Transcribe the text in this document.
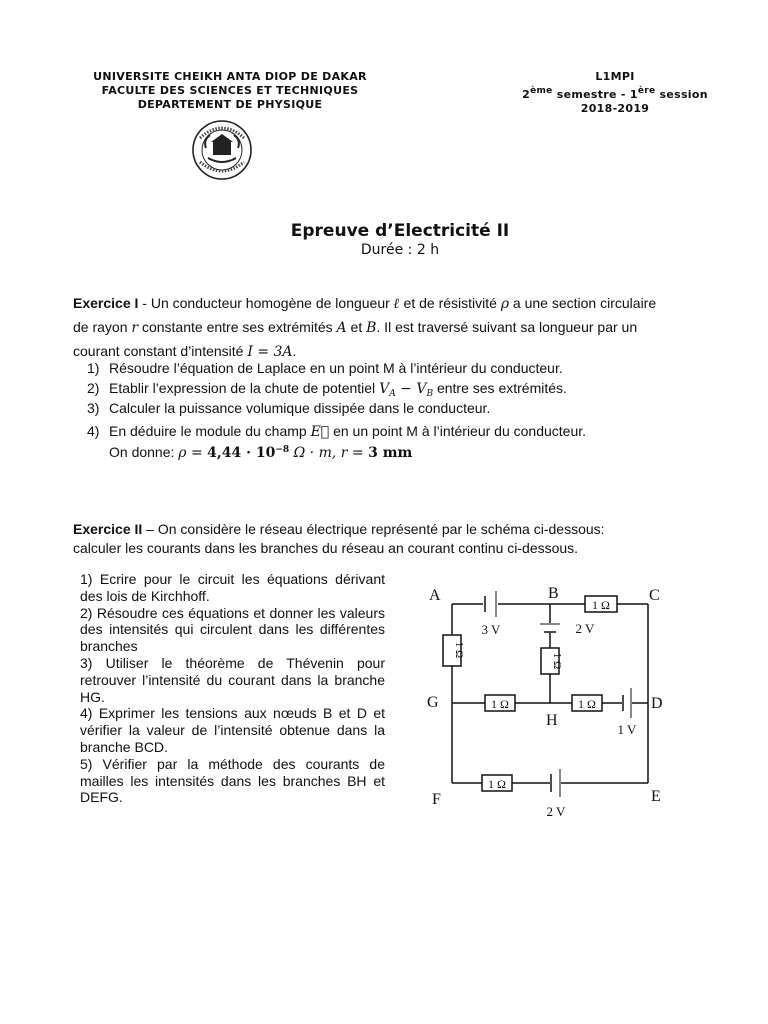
UNIVERSITE CHEIKH ANTA DIOP DE DAKAR
FACULTE DES SCIENCES ET TECHNIQUES
DEPARTEMENT DE PHYSIQUE
L1MPI
2ème semestre - 1ère session
2018-2019
Epreuve d’Electricité II
Durée : 2 h
Exercice I - Un conducteur homogène de longueur ℓ et de résistivité ρ a une section circulaire
de rayon r constante entre ses extrémités A et B. Il est traversé suivant sa longueur par un
courant constant d’intensité I = 3A.
1) Résoudre l’équation de Laplace en un point M à l’intérieur du conducteur.
2) Etablir l’expression de la chute de potentiel $V_A - V_B$ entre ses extrémités.
3) Calculer la puissance volumique dissipée dans le conducteur.
4) En déduire le module du champ E⃗ en un point M à l’intérieur du conducteur.
On donne: $\rho = 4,44 \cdot 10^{-8}$ Ω · m, r = 3 mm
Exercice II – On considère le réseau électrique représenté par le schéma ci-dessous:
calculer les courants dans les branches du réseau an courant continu ci-dessous.

1) Ecrire pour le circuit les équations dérivant des lois de Kirchhoff.

2) Résoudre ces équations et donner les valeurs des intensités qui circulent dans les différentes branches

3) Utiliser le théorème de Thévenin pour retrouver l’intensité du courant dans la branche HG.

4) Exprimer les tensions aux nœuds B et D et vérifier la valeur de l’intensité obtenue dans la branche BCD.

5) Vérifier par la méthode des courants de mailles les intensités dans les branches BH et DEFG.

1 Ω
1 Ω	1 Ω
1 Ω
1 Ω
1 Ω
3 V	2 V
1 V
2 V
A	B	C
D
E
F
G
H
